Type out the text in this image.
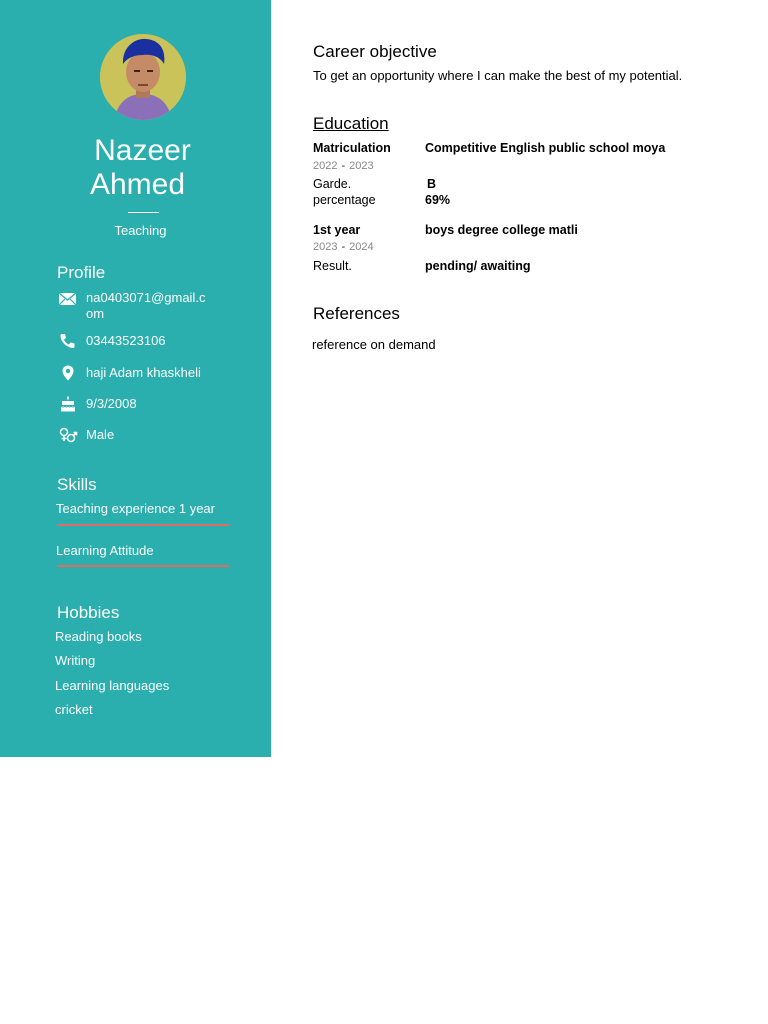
Nazeer
Ahmed
Teaching
Profile
na0403071@gmail.com
03443523106
haji Adam khaskheli
9/3/2008
Male
Skills
Teaching experience 1 year
Learning Attitude
Hobbies
Reading books
Writing
Learning languages
cricket
Career objective
To get an opportunity where I can make the best of my potential.
Education
Matriculation	Competitive English public school moya
2022 - 2023
Garde.	B
percentage	69%
1st year	boys degree college matli
2023 - 2024
Result.	pending/ awaiting
References
reference on demand
